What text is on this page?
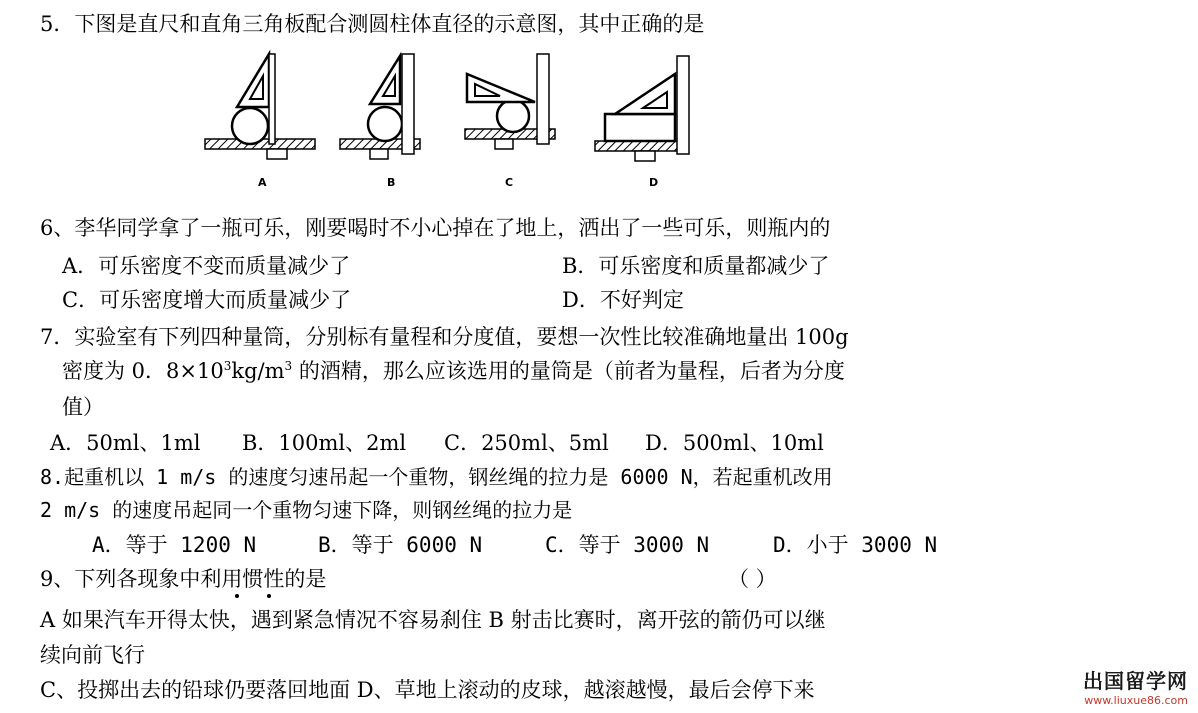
5．下图是直尺和直角三角板配合测圆柱体直径的示意图，其中正确的是
A	B	C	D
6、李华同学拿了一瓶可乐，刚要喝时不小心掉在了地上，洒出了一些可乐，则瓶内的
A．可乐密度不变而质量减少了	B．可乐密度和质量都减少了
C．可乐密度增大而质量减少了	D．不好判定
7．实验室有下列四种量筒，分别标有量程和分度值，要想一次性比较准确地量出 100g
密度为 0．$8\times 10^3kg/m^3$ 的酒精，那么应该选用的量筒是（前者为量程，后者为分度
值）
A．50ml、1ml B．100ml、2ml C．250ml、5ml D．500ml、10ml
8.起重机以 1 m/s 的速度匀速吊起一个重物，钢丝绳的拉力是 6000 N，若起重机改用
2 m/s 的速度吊起同一个重物匀速下降，则钢丝绳的拉力是
A．等于 1200 N	B．等于 6000 N	C．等于 3000 N	D．小于 3000 N
9、下列各现象中利用惯性的是	（ ）
A 如果汽车开得太快，遇到紧急情况不容易刹住 B 射击比赛时，离开弦的箭仍可以继
续向前飞行
C、投掷出去的铅球仍要落回地面 D、草地上滚动的皮球，越滚越慢，最后会停下来	出国留学网
www.liuxue86.com
